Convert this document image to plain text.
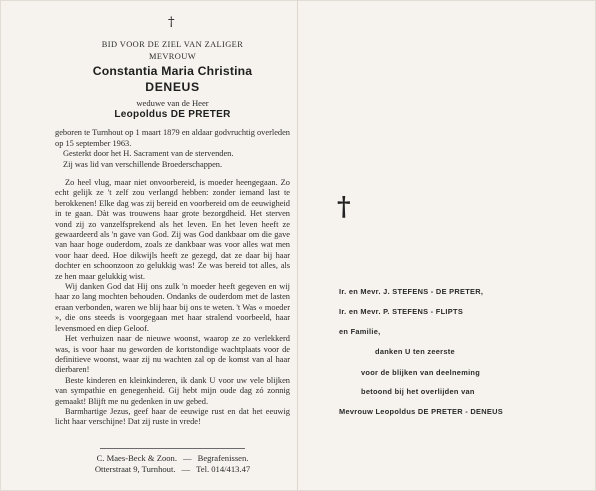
†
BID VOOR DE ZIEL VAN ZALIGER
MEVROUW
Constantia Maria Christina
DENEUS
weduwe van de Heer
Leopoldus DE PRETER

geboren te Turnhout op 1 maart 1879 en aldaar godvruchtig overleden op 15 september 1963.

Gesterkt door het H. Sacrament van de stervenden.

Zij was lid van verschillende Broederschappen.

Zo heel vlug, maar niet onvoorbereid, is moeder heengegaan. Zo echt gelijk ze 't zelf zou verlangd hebben: zonder iemand last te berokkenen! Elke dag was zij bereid en voorbereid om de eeuwigheid in te gaan. Dàt was trouwens haar grote bezorgdheid. Het sterven vond zij zo vanzelfsprekend als het leven. En het leven heeft ze gewaardeerd als 'n gave van God. Zij was God dankbaar om die gave van haar hoge ouderdom, zoals ze dankbaar was voor alles wat men voor haar deed. Hoe dikwijls heeft ze gezegd, dat ze daar bij haar dochter en schoonzoon zo gelukkig was! Ze was bereid tot alles, als ze hen maar gelukkig wist.

Wij danken God dat Hij ons zulk 'n moeder heeft gegeven en wij haar zo lang mochten behouden. Ondanks de ouderdom met de lasten eraan verbonden, waren we blij haar bij ons te weten. 't Was « moeder », die ons steeds is voorgegaan met haar stralend voorbeeld, haar levensmoed en diep Geloof.

Het verhuizen naar de nieuwe woonst, waarop ze zo verlekkerd was, is voor haar nu geworden de kortstondige wachtplaats voor de definitieve woonst, waar zij nu wachten zal op de komst van al haar dierbaren!

Beste kinderen en kleinkinderen, ik dank U voor uw vele blijken van sympathie en genegenheid. Gij hebt mijn oude dag zó zonnig gemaakt! Blijft me nu gedenken in uw gebed.

Barmhartige Jezus, geef haar de eeuwige rust en dat het eeuwig licht haar verschijne! Dat zij ruste in vrede!

C. Maes-Beck & Zoon. — Begrafenissen.
Otterstraat 9, Turnhout. — Tel. 014/413.47
†
Ir. en Mevr. J. STEFENS - DE PRETER,
Ir. en Mevr. P. STEFENS - FLIPTS
en Familie,
danken U ten zeerste
voor de blijken van deelneming
betoond bij het overlijden van
Mevrouw Leopoldus DE PRETER - DENEUS
